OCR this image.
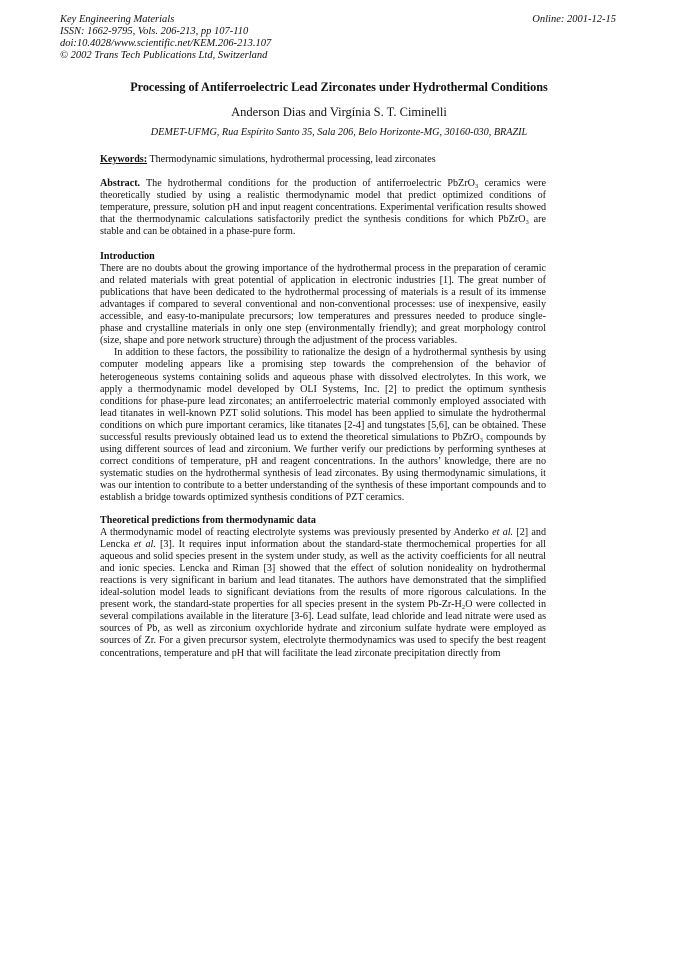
Key Engineering Materials
ISSN: 1662-9795, Vols. 206-213, pp 107-110
doi:10.4028/www.scientific.net/KEM.206-213.107
© 2002 Trans Tech Publications Ltd, Switzerland
Online: 2001-12-15
Processing of Antiferroelectric Lead Zirconates under Hydrothermal Conditions
Anderson Dias and Virgínia S. T. Ciminelli
DEMET-UFMG, Rua Espírito Santo 35, Sala 206, Belo Horizonte-MG, 30160-030, BRAZIL

Keywords: Thermodynamic simulations, hydrothermal processing, lead zirconates

Abstract. The hydrothermal conditions for the production of antiferroelectric PbZrO₃ ceramics were theoretically studied by using a realistic thermodynamic model that predict optimized conditions of temperature, pressure, solution pH and input reagent concentrations. Experimental verification results showed that the thermodynamic calculations satisfactorily predict the synthesis conditions for which PbZrO₃ are stable and can be obtained in a phase-pure form.

Introduction

There are no doubts about the growing importance of the hydrothermal process in the preparation of ceramic and related materials with great potential of application in electronic industries [1]. The great number of publications that have been dedicated to the hydrothermal processing of materials is a result of its immense advantages if compared to several conventional and non-conventional processes: use of inexpensive, easily accessible, and easy-to-manipulate precursors; low temperatures and pressures needed to produce single-phase and crystalline materials in only one step (environmentally friendly); and great morphology control (size, shape and pore network structure) through the adjustment of the process variables.

In addition to these factors, the possibility to rationalize the design of a hydrothermal synthesis by using computer modeling appears like a promising step towards the comprehension of the behavior of heterogeneous systems containing solids and aqueous phase with dissolved electrolytes. In this work, we apply a thermodynamic model developed by OLI Systems, Inc. [2] to predict the optimum synthesis conditions for phase-pure lead zirconates; an antiferroelectric material commonly employed associated with lead titanates in well-known PZT solid solutions. This model has been applied to simulate the hydrothermal conditions on which pure important ceramics, like titanates [2-4] and tungstates [5,6], can be obtained. These successful results previously obtained lead us to extend the theoretical simulations to PbZrO₃ compounds by using different sources of lead and zirconium. We further verify our predictions by performing syntheses at correct conditions of temperature, pH and reagent concentrations. In the authors’ knowledge, there are no systematic studies on the hydrothermal synthesis of lead zirconates. By using thermodynamic simulations, it was our intention to contribute to a better understanding of the synthesis of these important compounds and to establish a bridge towards optimized synthesis conditions of PZT ceramics.

Theoretical predictions from thermodynamic data

A thermodynamic model of reacting electrolyte systems was previously presented by Anderko et al. [2] and Lencka et al. [3]. It requires input information about the standard-state thermochemical properties for all aqueous and solid species present in the system under study, as well as the activity coefficients for all neutral and ionic species. Lencka and Riman [3] showed that the effect of solution nonideality on hydrothermal reactions is very significant in barium and lead titanates. The authors have demonstrated that the simplified ideal-solution model leads to significant deviations from the results of more rigorous calculations. In the present work, the standard-state properties for all species present in the system Pb-Zr-H₂O were collected in several compilations available in the literature [3-6]. Lead sulfate, lead chloride and lead nitrate were used as sources of Pb, as well as zirconium oxychloride hydrate and zirconium sulfate hydrate were employed as sources of Zr. For a given precursor system, electrolyte thermodynamics was used to specify the best reagent concentrations, temperature and pH that will facilitate the lead zirconate precipitation directly from
